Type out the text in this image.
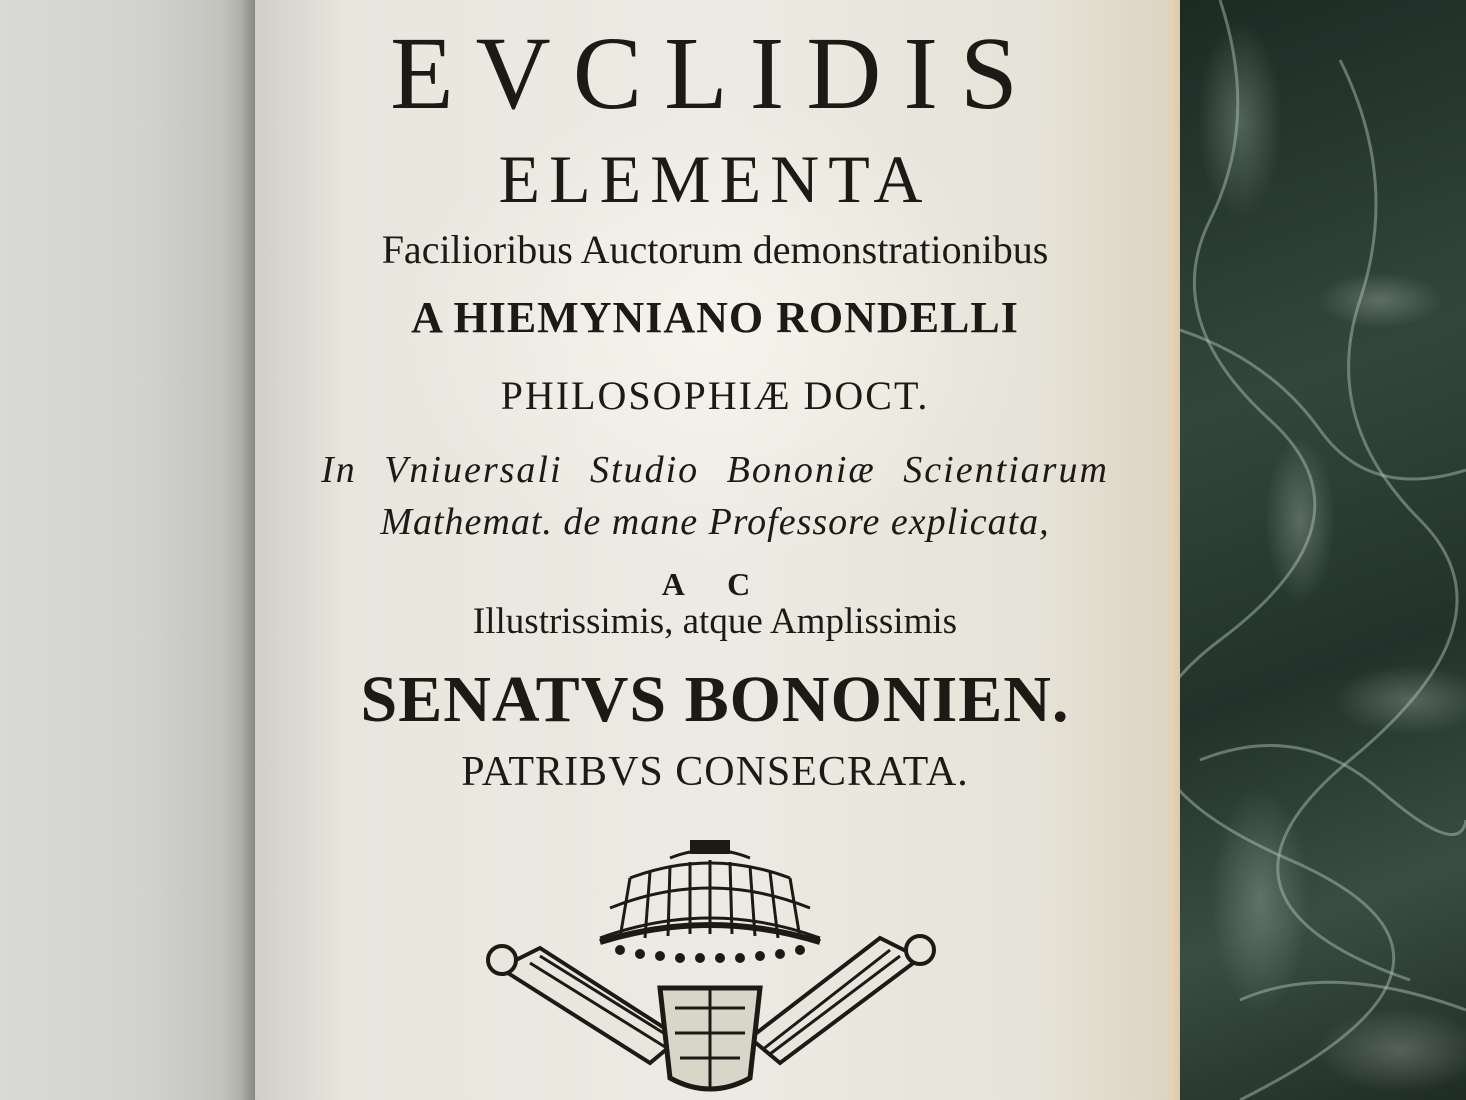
EVCLIDIS

ELEMENTA

Facilioribus Auctorum demonstrationibus

A HIEMYNIANO RONDELLI

PHILOSOPHIÆ DOCT.

In Vniuersali Studio Bononiæ Scientiarum

Mathemat. de mane Professore explicata,

A C

Illustrissimis, atque Amplissimis

SENATVS BONONIEN.

PATRIBVS CONSECRATA.
